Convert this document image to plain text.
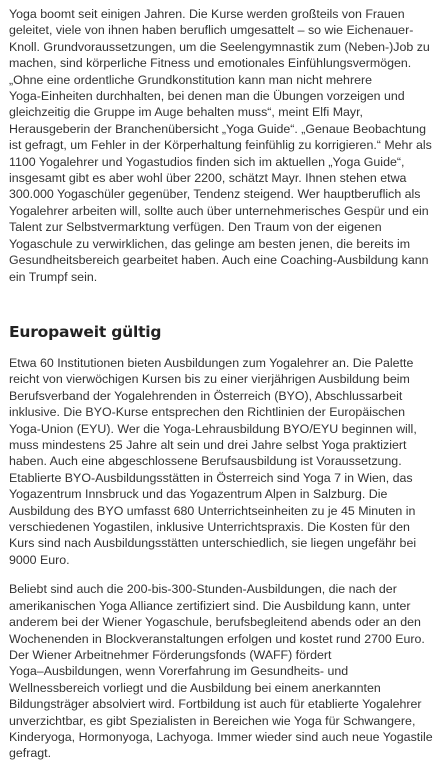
Yoga boomt seit einigen Jahren. Die Kurse werden großteils von Frauen
geleitet, viele von ihnen haben beruflich umgesattelt – so wie Eichenauer-
Knoll. Grundvoraussetzungen, um die Seelengymnastik zum (Neben-)Job zu
machen, sind körperliche Fitness und emotionales Einfühlungsvermögen.
„Ohne eine ordentliche Grundkonstitution kann man nicht mehrere
Yoga-Einheiten durchhalten, bei denen man die Übungen vorzeigen und
gleichzeitig die Gruppe im Auge behalten muss“, meint Elfi Mayr,
Herausgeberin der Branchenübersicht „Yoga Guide“. „Genaue Beobachtung
ist gefragt, um Fehler in der Körperhaltung feinfühlig zu korrigieren.“ Mehr als
1100 Yogalehrer und Yogastudios finden sich im aktuellen „Yoga Guide“,
insgesamt gibt es aber wohl über 2200, schätzt Mayr. Ihnen stehen etwa
300.000 Yogaschüler gegenüber, Tendenz steigend. Wer hauptberuflich als
Yogalehrer arbeiten will, sollte auch über unternehmerisches Gespür und ein
Talent zur Selbstvermarktung verfügen. Den Traum von der eigenen
Yogaschule zu verwirklichen, das gelinge am besten jenen, die bereits im
Gesundheitsbereich gearbeitet haben. Auch eine Coaching-Ausbildung kann
ein Trumpf sein.

Europaweit gültig

Etwa 60 Institutionen bieten Ausbildungen zum Yogalehrer an. Die Palette
reicht von vierwöchigen Kursen bis zu einer vierjährigen Ausbildung beim
Berufsverband der Yogalehrenden in Österreich (BYO), Abschlussarbeit
inklusive. Die BYO-Kurse entsprechen den Richtlinien der Europäischen
Yoga-Union (EYU). Wer die Yoga-Lehrausbildung BYO/EYU beginnen will,
muss mindestens 25 Jahre alt sein und drei Jahre selbst Yoga praktiziert
haben. Auch eine abgeschlossene Berufsausbildung ist Voraussetzung.
Etablierte BYO-Ausbildungsstätten in Österreich sind Yoga 7 in Wien, das
Yogazentrum Innsbruck und das Yogazentrum Alpen in Salzburg. Die
Ausbildung des BYO umfasst 680 Unterrichtseinheiten zu je 45 Minuten in
verschiedenen Yogastilen, inklusive Unterrichtspraxis. Die Kosten für den
Kurs sind nach Ausbildungsstätten unterschiedlich, sie liegen ungefähr bei
9000 Euro.

Beliebt sind auch die 200-bis-300-Stunden-Ausbildungen, die nach der
amerikanischen Yoga Alliance zertifiziert sind. Die Ausbildung kann, unter
anderem bei der Wiener Yogaschule, berufsbegleitend abends oder an den
Wochenenden in Blockveranstaltungen erfolgen und kostet rund 2700 Euro.
Der Wiener Arbeitnehmer Förderungsfonds (WAFF) fördert
Yoga–Ausbildungen, wenn Vorerfahrung im Gesundheits- und
Wellnessbereich vorliegt und die Ausbildung bei einem anerkannten
Bildungsträger absolviert wird. Fortbildung ist auch für etablierte Yogalehrer
unverzichtbar, es gibt Spezialisten in Bereichen wie Yoga für Schwangere,
Kinderyoga, Hormonyoga, Lachyoga. Immer wieder sind auch neue Yogastile
gefragt.
